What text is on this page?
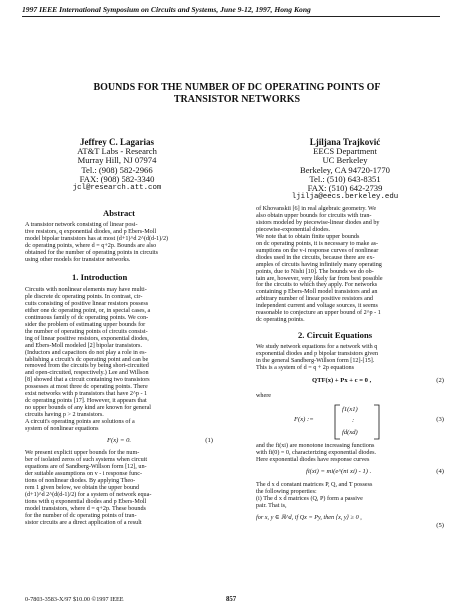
1997 IEEE International Symposium on Circuits and Systems, June 9-12, 1997, Hong Kong
BOUNDS FOR THE NUMBER OF DC OPERATING POINTS OF
TRANSISTOR NETWORKS
Jeffrey C. Lagarias
AT&T Labs - Research
Murray Hill, NJ 07974
Tel.: (908) 582-2966
FAX: (908) 582-3340
jcl@research.att.com
Ljiljana Trajković
EECS Department
UC Berkeley
Berkeley, CA 94720-1770
Tel.: (510) 643-8351
FAX: (510) 642-2739
ljilja@eecs.berkeley.edu
Abstract
A transistor network consisting of linear posi-
tive resistors, q exponential diodes, and p Ebers-Moll
model bipolar transistors has at most (d+1)^d 2^(d(d-1)/2)
dc operating points, where d = q+2p. Bounds are also
obtained for the number of operating points in circuits
using other models for transistor networks.
1. Introduction
Circuits with nonlinear elements may have multi-
ple discrete dc operating points. In contrast, cir-
cuits consisting of positive linear resistors possess
either one dc operating point, or, in special cases, a
continuous family of dc operating points. We con-
sider the problem of estimating upper bounds for
the number of operating points of circuits consist-
ing of linear positive resistors, exponential diodes,
and Ebers-Moll modeled [2] bipolar transistors.
(Inductors and capacitors do not play a role in es-
tablishing a circuit's dc operating point and can be
removed from the circuits by being short-circuited
and open-circuited, respectively.) Lee and Willson
[8] showed that a circuit containing two transistors
possesses at most three dc operating points. There
exist networks with p transistors that have 2^p - 1
dc operating points [17]. However, it appears that
no upper bounds of any kind are known for general
circuits having p > 2 transistors.
A circuit's operating points are solutions of a
system of nonlinear equations
F(x) = 0.	(1)
We present explicit upper bounds for the num-
ber of isolated zeros of such systems when circuit
equations are of Sandberg-Willson form [12], un-
der suitable assumptions on v - i response func-
tions of nonlinear diodes. By applying Theo-
rem 1 given below, we obtain the upper bound
(d+1)^d 2^(d(d-1)/2) for a system of network equa-
tions with q exponential diodes and p Ebers-Moll
model transistors, where d = q+2p. These bounds
for the number of dc operating points of tran-
sistor circuits are a direct application of a result
of Khovanskii [6] in real algebraic geometry. We
also obtain upper bounds for circuits with tran-
sistors modeled by piecewise-linear diodes and by
piecewise-exponential diodes.
We note that to obtain finite upper bounds
on dc operating points, it is necessary to make as-
sumptions on the v-i response curves of nonlinear
diodes used in the circuits, because there are ex-
amples of circuits having infinitely many operating
points, due to Nishi [10]. The bounds we do ob-
tain are, however, very likely far from best possible
for the circuits to which they apply. For networks
containing p Ebers-Moll model transistors and an
arbitrary number of linear positive resistors and
independent current and voltage sources, it seems
reasonable to conjecture an upper bound of 2^p - 1
dc operating points.
2. Circuit Equations
We study network equations for a network with q
exponential diodes and p bipolar transistors given
in the general Sandberg-Willson form [12]-[15].
This is a system of d = q + 2p equations
QTF(x) + Px + c = 0 ,	(2)
where
F(x) :=
f1(x1)
:
fd(xd)
(3)
and the fi(xi) are monotone increasing functions
with fi(0) = 0, characterizing exponential diodes.
Here exponential diodes have response curves
fi(xi) = mi(e^(ni xi) - 1) .	(4)
The d x d constant matrices P, Q, and T possess
the following properties:
(i) The d x d matrices (Q, P) form a passive
pair. That is,
for x, y ∈ ℝ^d, if Qx = Py, then ⟨x, y⟩ ≥ 0 ,
(5)
0-7803-3583-X/97 $10.00 ©1997 IEEE	857
